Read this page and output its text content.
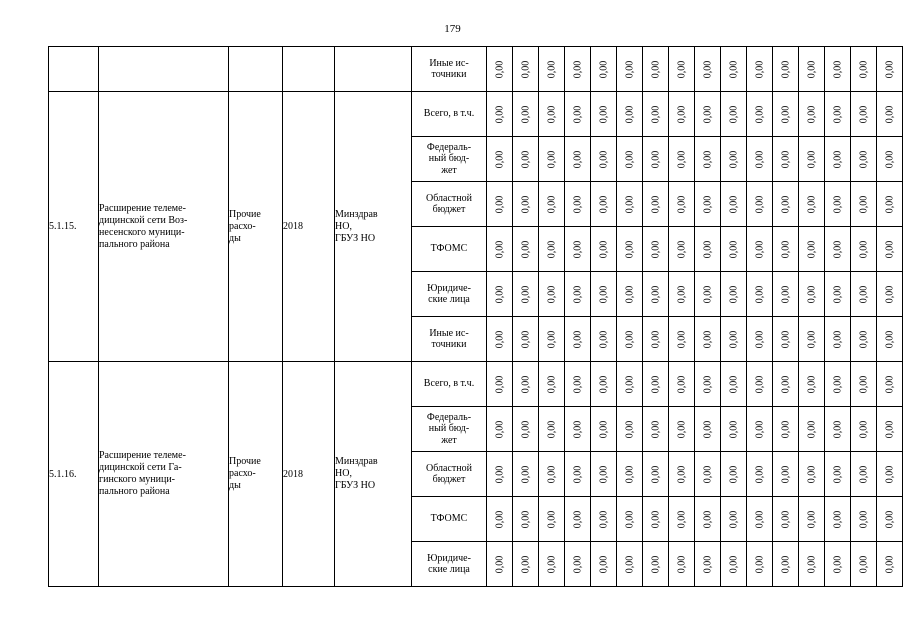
179

					Иные ис-
точники	0,00	0,00	0,00	0,00	0,00	0,00	0,00	0,00	0,00	0,00	0,00	0,00	0,00	0,00	0,00	0,00
5.1.15.	Расширение телеме-
дицинской сети Воз-
несенского муници-
пального района	Прочие
расхо-
ды	2018	Минздрав
НО,
ГБУЗ НО	Всего, в т.ч.	0,00	0,00	0,00	0,00	0,00	0,00	0,00	0,00	0,00	0,00	0,00	0,00	0,00	0,00	0,00	0,00

					Федераль-
ный бюд-
жет	0,00	0,00	0,00	0,00	0,00	0,00	0,00	0,00	0,00	0,00	0,00	0,00	0,00	0,00	0,00	0,00

					Областной
бюджет	0,00	0,00	0,00	0,00	0,00	0,00	0,00	0,00	0,00	0,00	0,00	0,00	0,00	0,00	0,00	0,00

					ТФОМС	0,00	0,00	0,00	0,00	0,00	0,00	0,00	0,00	0,00	0,00	0,00	0,00	0,00	0,00	0,00	0,00

					Юридиче-
ские лица	0,00	0,00	0,00	0,00	0,00	0,00	0,00	0,00	0,00	0,00	0,00	0,00	0,00	0,00	0,00	0,00

					Иные ис-
точники	0,00	0,00	0,00	0,00	0,00	0,00	0,00	0,00	0,00	0,00	0,00	0,00	0,00	0,00	0,00	0,00
5.1.16.	Расширение телеме-
дицинской сети Га-
гинского муници-
пального района	Прочие
расхо-
ды	2018	Минздрав
НО,
ГБУЗ НО	Всего, в т.ч.	0,00	0,00	0,00	0,00	0,00	0,00	0,00	0,00	0,00	0,00	0,00	0,00	0,00	0,00	0,00	0,00

					Федераль-
ный бюд-
жет	0,00	0,00	0,00	0,00	0,00	0,00	0,00	0,00	0,00	0,00	0,00	0,00	0,00	0,00	0,00	0,00

					Областной
бюджет	0,00	0,00	0,00	0,00	0,00	0,00	0,00	0,00	0,00	0,00	0,00	0,00	0,00	0,00	0,00	0,00

					ТФОМС	0,00	0,00	0,00	0,00	0,00	0,00	0,00	0,00	0,00	0,00	0,00	0,00	0,00	0,00	0,00	0,00

					Юридиче-
ские лица	0,00	0,00	0,00	0,00	0,00	0,00	0,00	0,00	0,00	0,00	0,00	0,00	0,00	0,00	0,00	0,00
